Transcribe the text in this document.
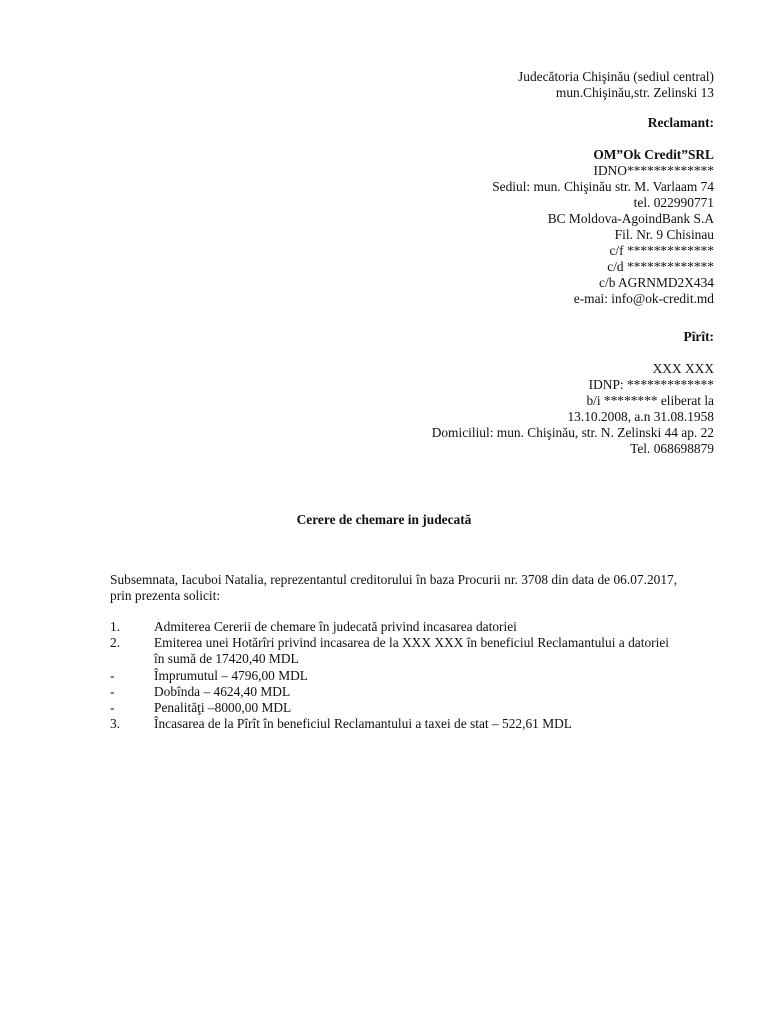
Judecătoria Chişinău (sediul central)
mun.Chişinău,str. Zelinski 13
Reclamant:
OM”Ok Credit”SRL
IDNO*************
Sediul: mun. Chişinău str. M. Varlaam 74
tel. 022990771
BC Moldova-AgoindBank S.A
Fil. Nr. 9 Chisinau
c/f *************
c/d *************
c/b AGRNMD2X434
e-mai: info@ok-credit.md
Pîrît:
XXX XXX
IDNP: *************
b/i ******** eliberat la
13.10.2008, a.n 31.08.1958
Domiciliul: mun. Chişinău, str. N. Zelinski 44 ap. 22
Tel. 068698879
Cerere de chemare in judecată
Subsemnata, Iacuboi Natalia, reprezentantul creditorului în baza Procurii nr. 3708 din data de 06.07.2017,
prin prezenta solicit:
1.	Admiterea Cererii de chemare în judecată privind incasarea datoriei
2.	Emiterea unei Hotărîri privind incasarea de la XXX XXX în beneficiul Reclamantului a datoriei
în sumă de 17420,40 MDL
-	Împrumutul – 4796,00 MDL
-	Dobînda – 4624,40 MDL
-	Penalităţi –8000,00 MDL
3.	Încasarea de la Pîrît în beneficiul Reclamantului a taxei de stat – 522,61 MDL
